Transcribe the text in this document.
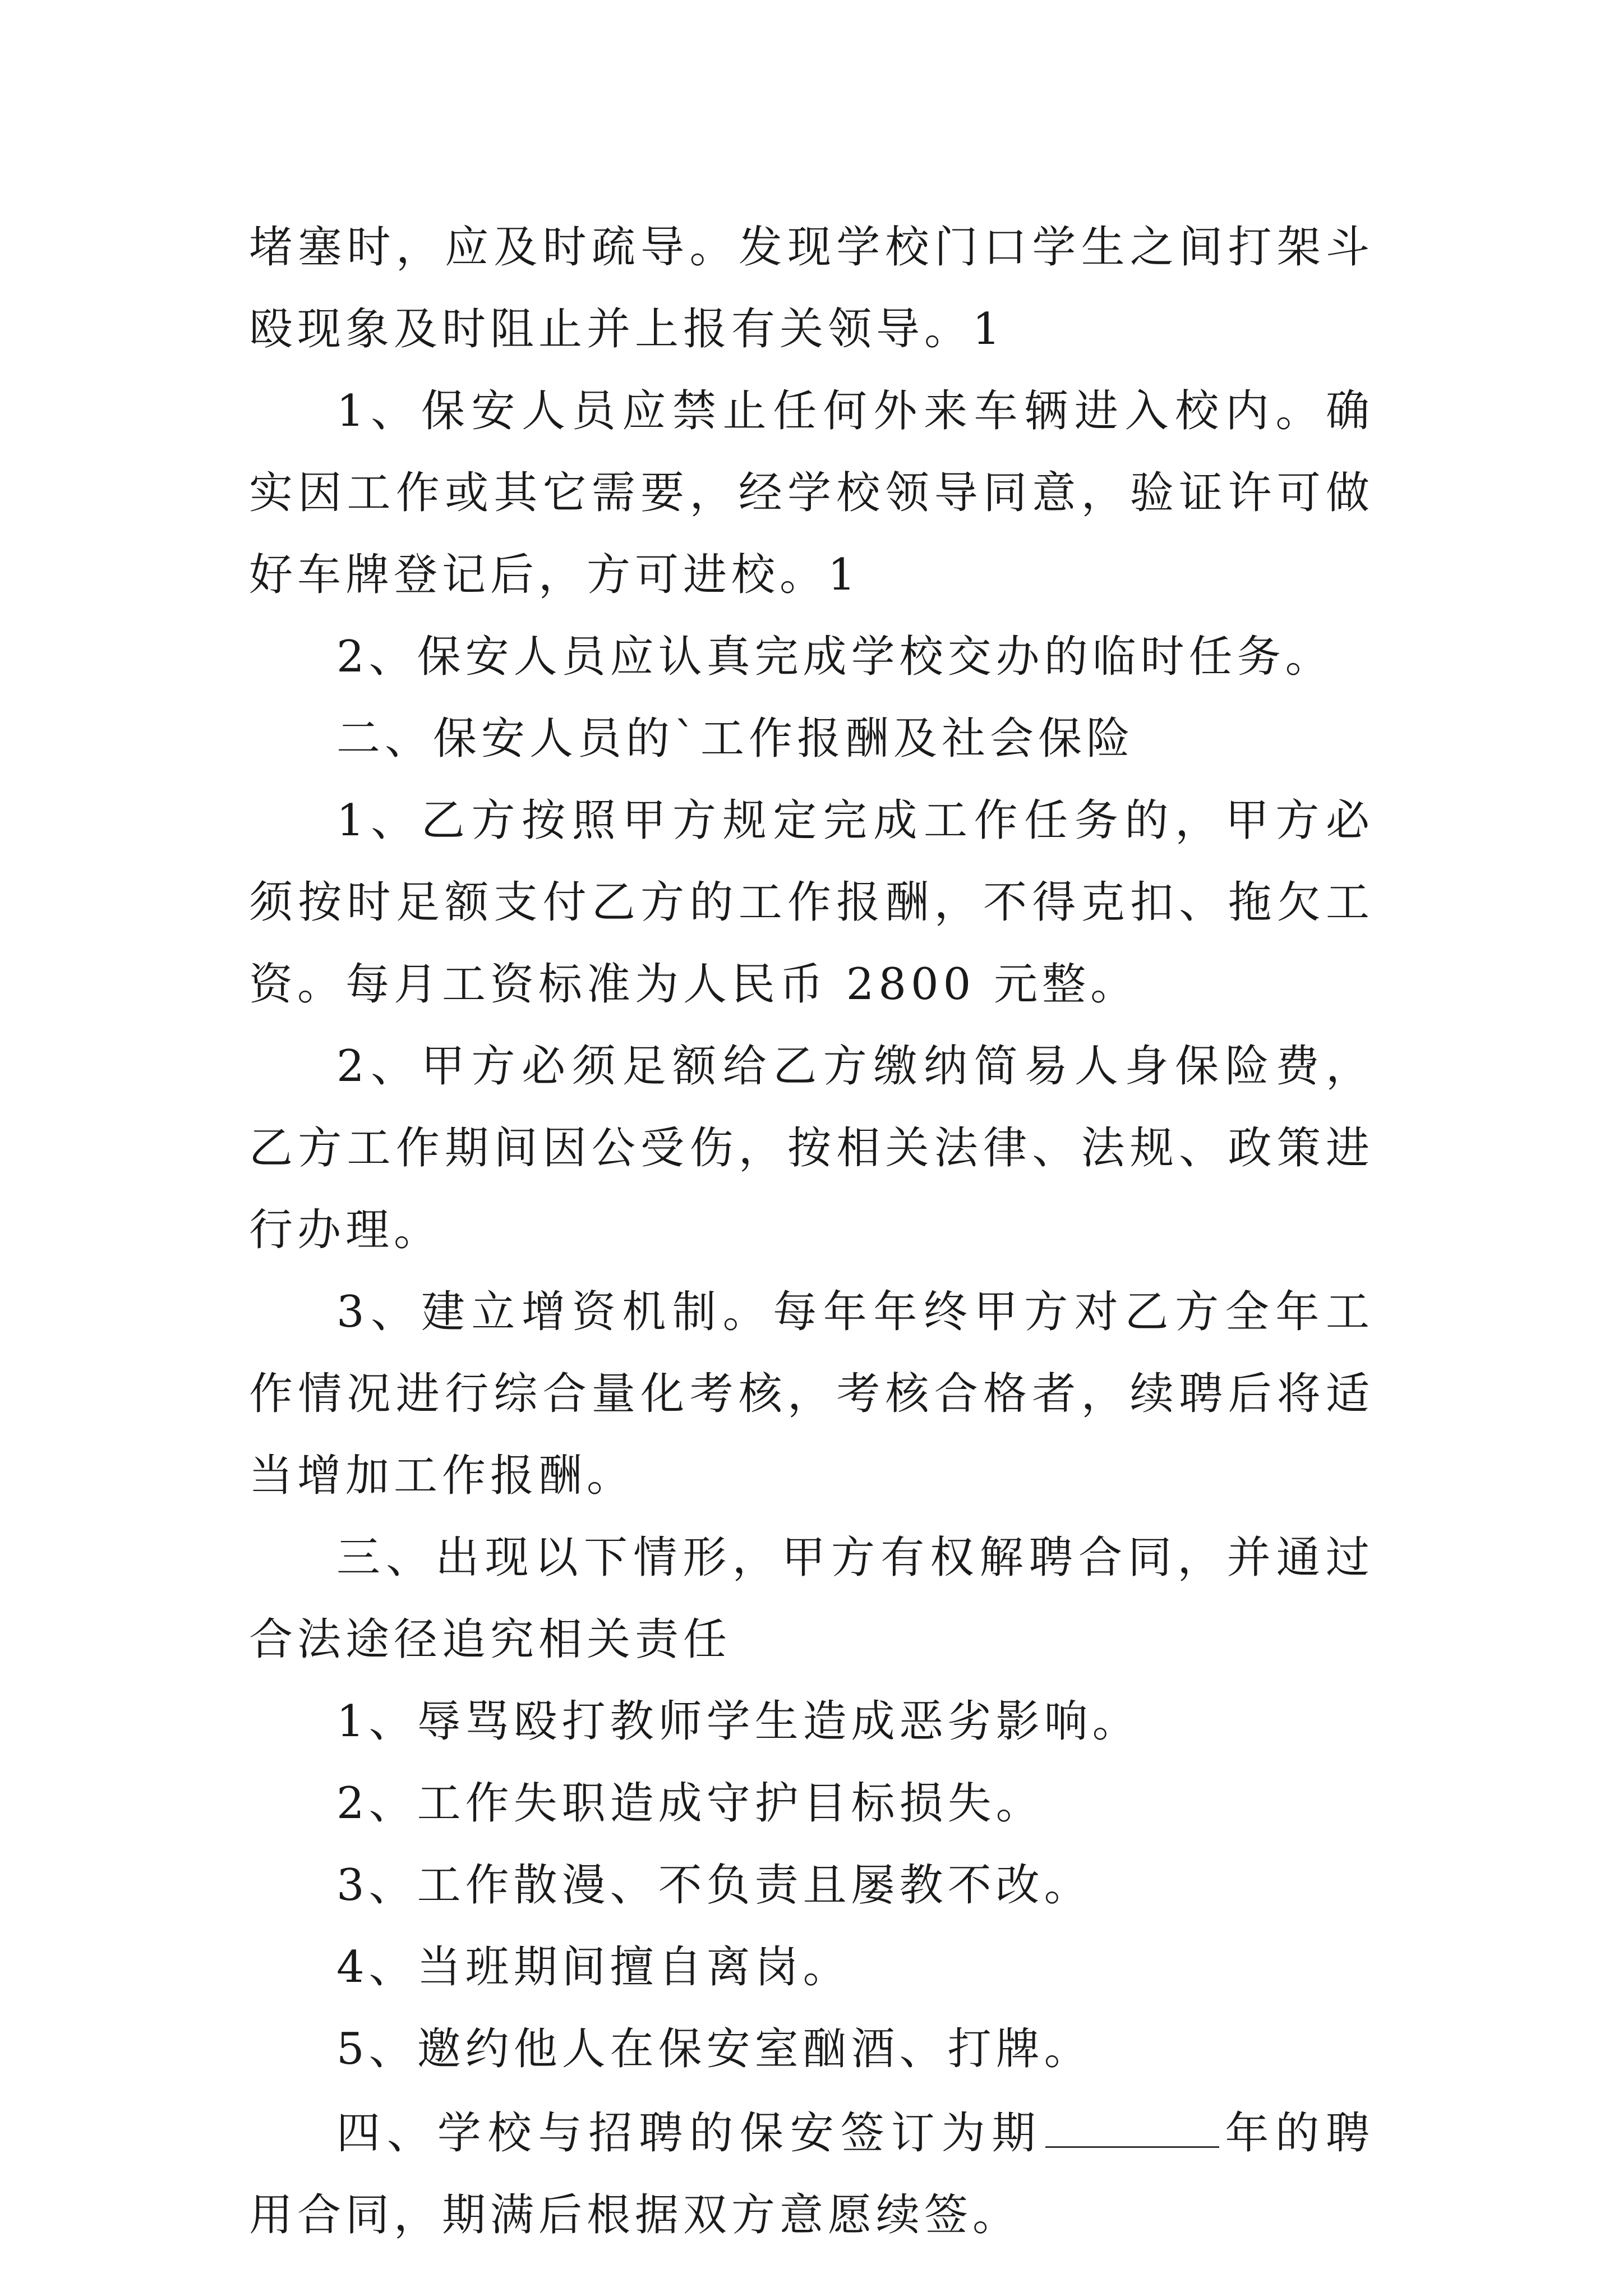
堵塞时，应及时疏导。发现学校门口学生之间打架斗殴现象及时阻止并上报有关领导。1

1、保安人员应禁止任何外来车辆进入校内。确实因工作或其它需要，经学校领导同意，验证许可做好车牌登记后，方可进校。1

2、保安人员应认真完成学校交办的临时任务。

二、保安人员的`工作报酬及社会保险

1、乙方按照甲方规定完成工作任务的，甲方必须按时足额支付乙方的工作报酬，不得克扣、拖欠工资。每月工资标准为人民币 2800 元整。

2、甲方必须足额给乙方缴纳简易人身保险费，乙方工作期间因公受伤，按相关法律、法规、政策进行办理。

3、建立增资机制。每年年终甲方对乙方全年工作情况进行综合量化考核，考核合格者，续聘后将适当增加工作报酬。

三、出现以下情形，甲方有权解聘合同，并通过合法途径追究相关责任

1、辱骂殴打教师学生造成恶劣影响。

2、工作失职造成守护目标损失。

3、工作散漫、不负责且屡教不改。

4、当班期间擅自离岗。

5、邀约他人在保安室酗酒、打牌。

四、学校与招聘的保安签订为期	年的聘用合同，期满后根据双方意愿续签。
